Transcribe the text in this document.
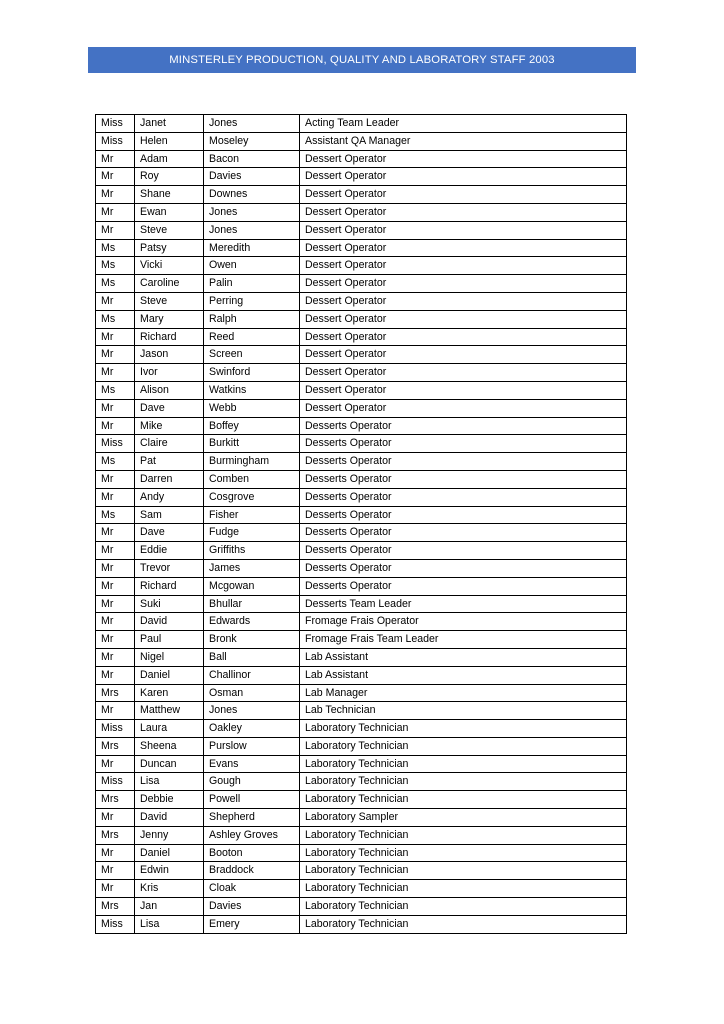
MINSTERLEY PRODUCTION, QUALITY AND LABORATORY STAFF 2003
Miss	Janet	Jones	Acting Team Leader
Miss	Helen	Moseley	Assistant QA Manager
Mr	Adam	Bacon	Dessert Operator
Mr	Roy	Davies	Dessert Operator
Mr	Shane	Downes	Dessert Operator
Mr	Ewan	Jones	Dessert Operator
Mr	Steve	Jones	Dessert Operator
Ms	Patsy	Meredith	Dessert Operator
Ms	Vicki	Owen	Dessert Operator
Ms	Caroline	Palin	Dessert Operator
Mr	Steve	Perring	Dessert Operator
Ms	Mary	Ralph	Dessert Operator
Mr	Richard	Reed	Dessert Operator
Mr	Jason	Screen	Dessert Operator
Mr	Ivor	Swinford	Dessert Operator
Ms	Alison	Watkins	Dessert Operator
Mr	Dave	Webb	Dessert Operator
Mr	Mike	Boffey	Desserts Operator
Miss	Claire	Burkitt	Desserts Operator
Ms	Pat	Burmingham	Desserts Operator
Mr	Darren	Comben	Desserts Operator
Mr	Andy	Cosgrove	Desserts Operator
Ms	Sam	Fisher	Desserts Operator
Mr	Dave	Fudge	Desserts Operator
Mr	Eddie	Griffiths	Desserts Operator
Mr	Trevor	James	Desserts Operator
Mr	Richard	Mcgowan	Desserts Operator
Mr	Suki	Bhullar	Desserts Team Leader
Mr	David	Edwards	Fromage Frais Operator
Mr	Paul	Bronk	Fromage Frais Team Leader
Mr	Nigel	Ball	Lab Assistant
Mr	Daniel	Challinor	Lab Assistant
Mrs	Karen	Osman	Lab Manager
Mr	Matthew	Jones	Lab Technician
Miss	Laura	Oakley	Laboratory Technician
Mrs	Sheena	Purslow	Laboratory Technician
Mr	Duncan	Evans	Laboratory Technician
Miss	Lisa	Gough	Laboratory Technician
Mrs	Debbie	Powell	Laboratory Technician
Mr	David	Shepherd	Laboratory Sampler
Mrs	Jenny	Ashley Groves	Laboratory Technician
Mr	Daniel	Booton	Laboratory Technician
Mr	Edwin	Braddock	Laboratory Technician
Mr	Kris	Cloak	Laboratory Technician
Mrs	Jan	Davies	Laboratory Technician
Miss	Lisa	Emery	Laboratory Technician
